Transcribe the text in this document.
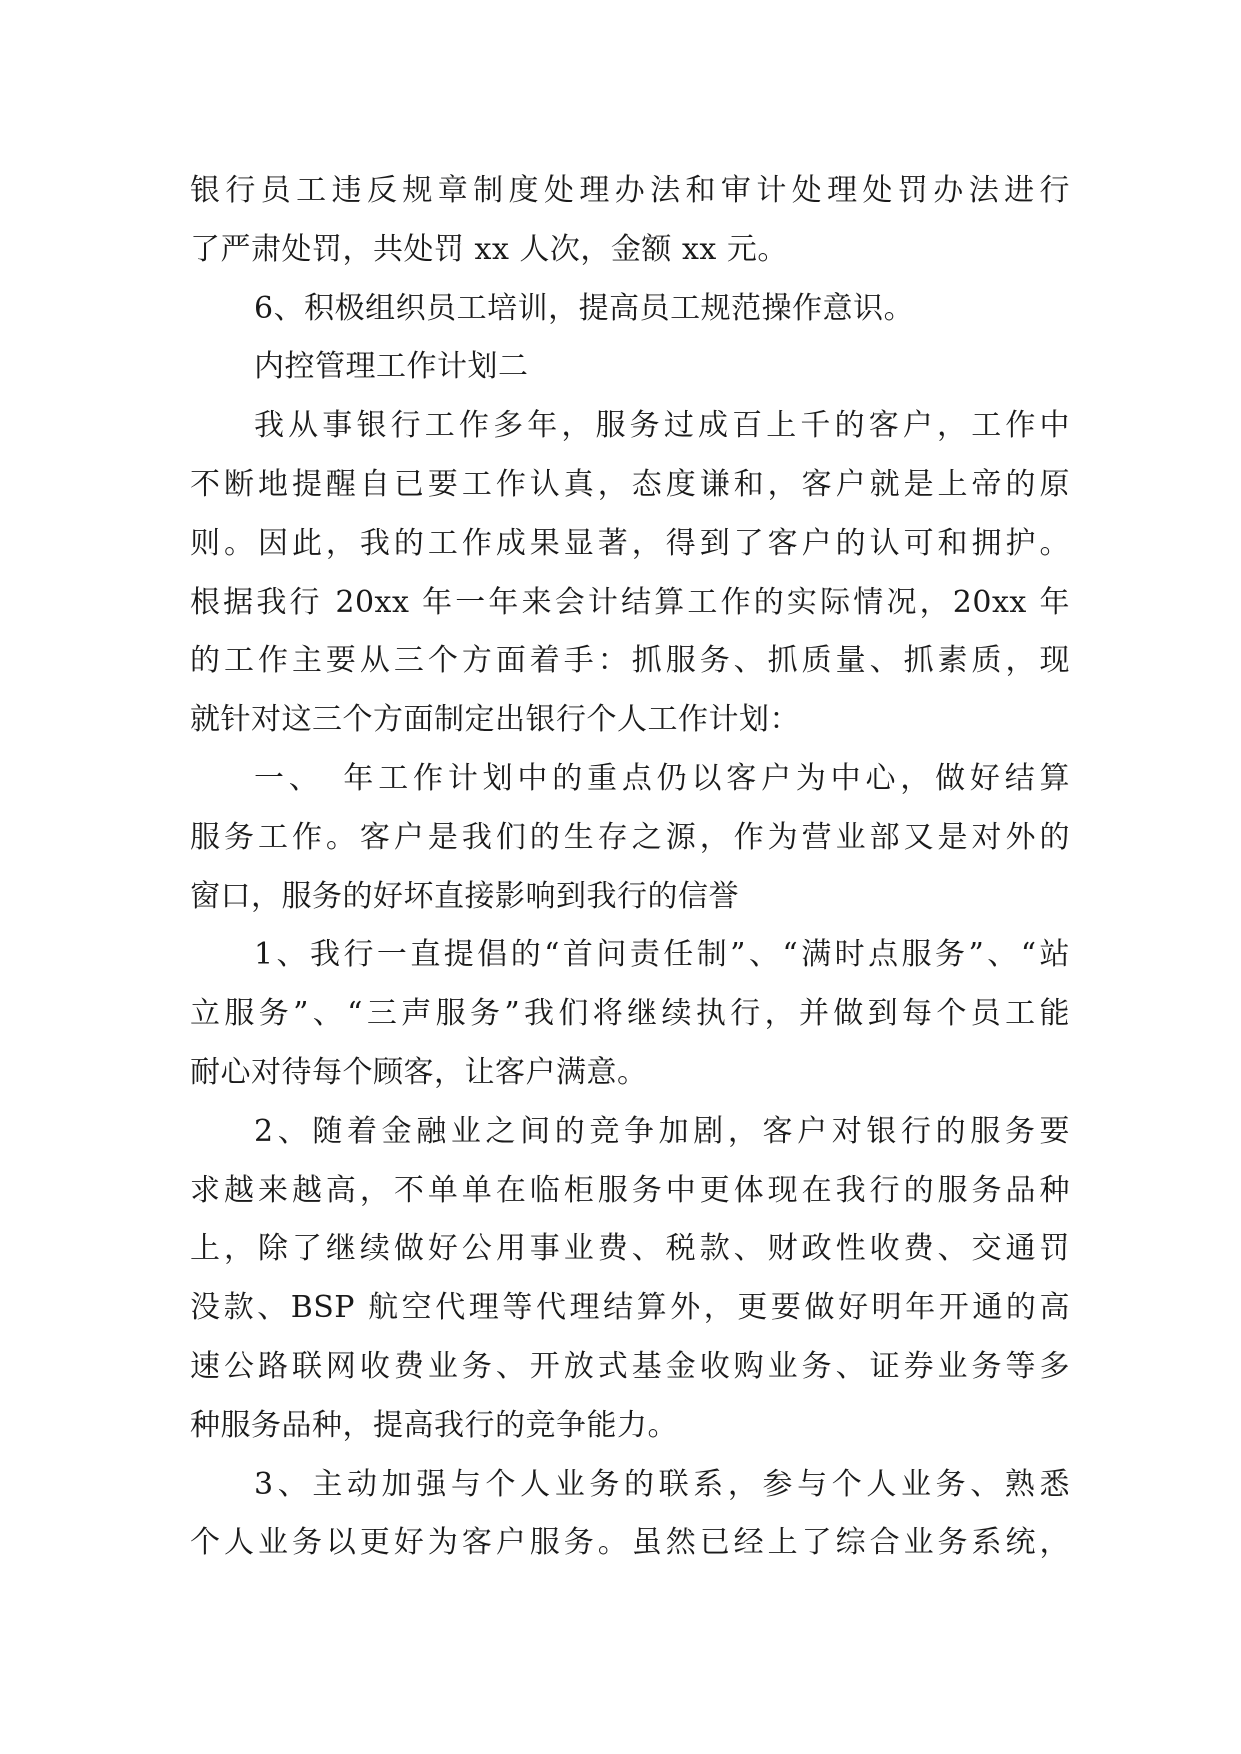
银行员工违反规章制度处理办法和审计处理处罚办法进行
了严肃处罚，共处罚 xx 人次，金额 xx 元。
6、积极组织员工培训，提高员工规范操作意识。
内控管理工作计划二
我从事银行工作多年，服务过成百上千的客户，工作中
不断地提醒自已要工作认真，态度谦和，客户就是上帝的原
则。因此，我的工作成果显著，得到了客户的认可和拥护。
根据我行 20xx 年一年来会计结算工作的实际情况，20xx 年
的工作主要从三个方面着手：抓服务、抓质量、抓素质，现
就针对这三个方面制定出银行个人工作计划：
一、　年工作计划中的重点仍以客户为中心，做好结算
服务工作。客户是我们的生存之源，作为营业部又是对外的
窗口，服务的好坏直接影响到我行的信誉
1、我行一直提倡的“首问责任制”、“满时点服务”、“站
立服务”、“三声服务”我们将继续执行，并做到每个员工能
耐心对待每个顾客，让客户满意。
2、随着金融业之间的竞争加剧，客户对银行的服务要
求越来越高，不单单在临柜服务中更体现在我行的服务品种
上，除了继续做好公用事业费、税款、财政性收费、交通罚
没款、BSP 航空代理等代理结算外，更要做好明年开通的高
速公路联网收费业务、开放式基金收购业务、证券业务等多
种服务品种，提高我行的竞争能力。
3、主动加强与个人业务的联系，参与个人业务、熟悉
个人业务以更好为客户服务。虽然已经上了综合业务系统，
